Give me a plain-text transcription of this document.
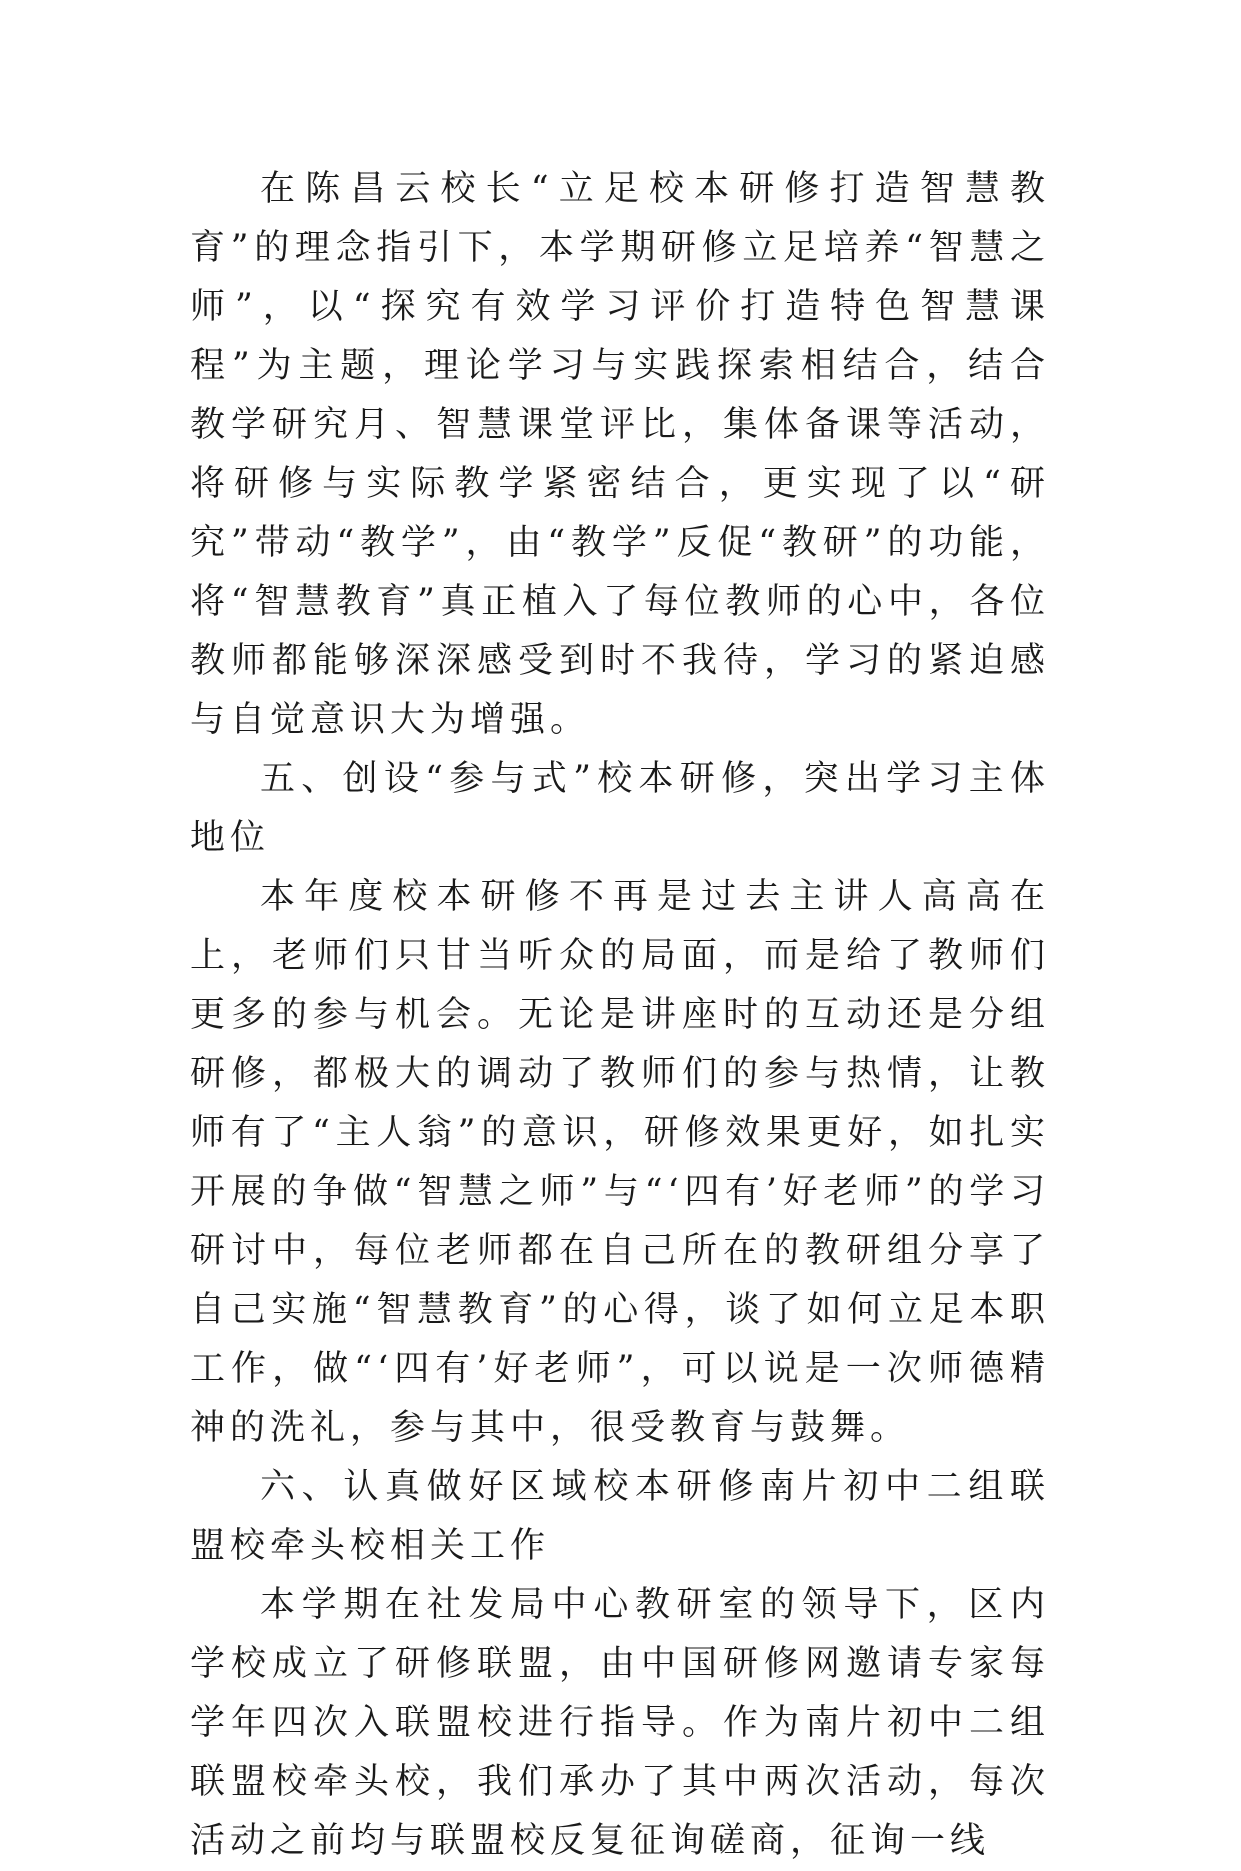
在陈昌云校长“立足校本研修打造智慧教育”的理念指引下，本学期研修立足培养“智慧之师”，以“探究有效学习评价打造特色智慧课程”为主题，理论学习与实践探索相结合，结合教学研究月、智慧课堂评比，集体备课等活动，将研修与实际教学紧密结合，更实现了以“研究”带动“教学”，由“教学”反促“教研”的功能，将“智慧教育”真正植入了每位教师的心中，各位教师都能够深深感受到时不我待，学习的紧迫感与自觉意识大为增强。

五、创设“参与式”校本研修，突出学习主体地位

本年度校本研修不再是过去主讲人高高在上，老师们只甘当听众的局面，而是给了教师们更多的参与机会。无论是讲座时的互动还是分组研修，都极大的调动了教师们的参与热情，让教师有了“主人翁”的意识，研修效果更好，如扎实开展的争做“智慧之师”与“‘四有’好老师”的学习研讨中，每位老师都在自己所在的教研组分享了自己实施“智慧教育”的心得，谈了如何立足本职工作，做“‘四有’好老师”，可以说是一次师德精神的洗礼，参与其中，很受教育与鼓舞。

六、认真做好区域校本研修南片初中二组联盟校牵头校相关工作

本学期在社发局中心教研室的领导下，区内学校成立了研修联盟，由中国研修网邀请专家每学年四次入联盟校进行指导。作为南片初中二组联盟校牵头校，我们承办了其中两次活动，每次活动之前均与联盟校反复征询磋商，征询一线
